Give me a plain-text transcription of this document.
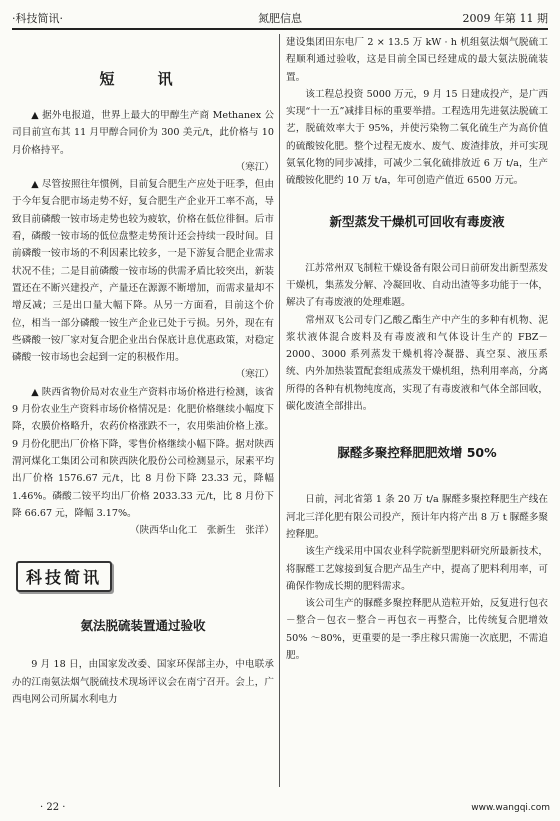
·科技简讯·	氮肥信息	2009 年第 11 期
短　讯

▲ 据外电报道，世界上最大的甲醇生产商 Methanex 公司目前宣布其 11 月甲醇合同价为 300 美元/t，此价格与 10 月价格持平。

（寒江）

▲ 尽管按照往年惯例，目前复合肥生产应处于旺季，但由于今年复合肥市场走势不好，复合肥生产企业开工率不高，导致目前磷酸一铵市场走势也较为疲软，价格在低位徘徊。后市看，磷酸一铵市场的低位盘整走势预计还会持续一段时间。目前磷酸一铵市场的不利因素比较多，一是下游复合肥企业需求状况不佳；二是目前磷酸一铵市场的供需矛盾比较突出，新装置还在不断兴建投产，产量还在源源不断增加，而需求量却不增反减；三是出口量大幅下降。从另一方面看，目前这个价位，相当一部分磷酸一铵生产企业已处于亏损。另外，现在有些磷酸一铵厂家对复合肥企业出台保底计息优惠政策，对稳定磷酸一铵市场也会起到一定的积极作用。

（寒江）

▲ 陕西省物价局对农业生产资料市场价格进行检测，该省 9 月份农业生产资料市场价格情况是：化肥价格继续小幅度下降，农膜价格略升，农药价格涨跌不一，农用柴油价格上涨。9 月份化肥出厂价格下降，零售价格继续小幅下降。据对陕西渭河煤化工集团公司和陕西陕化股份公司检测显示，尿素平均出厂价格 1576.67 元/t，比 8 月份下降 23.33 元，降幅 1.46%。磷酸二铵平均出厂价格 2033.33 元/t，比 8 月份下降 66.67 元，降幅 3.17%。

（陕西华山化工　张新生　张洋）

科技简讯
氨法脱硫装置通过验收

9 月 18 日，由国家发改委、国家环保部主办，中电联承办的江南氨法烟气脱硫技术现场评议会在南宁召开。会上，广西电网公司所属水利电力

建设集团田东电厂 2 × 13.5 万 kW · h 机组氨法烟气脱硫工程顺利通过验收，这是目前全国已经建成的最大氨法脱硫装置。

该工程总投资 5000 万元，9 月 15 日建成投产，是广西实现“十一五”减排目标的重要举措。工程选用先进氨法脱硫工艺，脱硫效率大于 95%，并使污染物二氧化硫生产为高价值的硫酸铵化肥。整个过程无废水、废气、废渣排放，并可实现氨氧化物的同步减排，可减少二氧化硫排放近 6 万 t/a，生产硫酸铵化肥约 10 万 t/a，年可创造产值近 6500 万元。

新型蒸发干燥机可回收有毒废液

江苏常州双飞制粒干燥设备有限公司日前研发出新型蒸发干燥机，集蒸发分解、冷凝回收、自动出渣等多功能于一体，解决了有毒废液的处理难题。

常州双飞公司专门乙酸乙酯生产中产生的多种有机物、泥浆状液体混合废料及有毒废液和气体设计生产的 FBZ－2000、3000 系列蒸发干燥机将冷凝器、真空泵、液压系统、内外加热装置配套组成蒸发干燥机组，热利用率高，分离所得的各种有机物纯度高，实现了有毒废液和气体全部回收，碳化废渣全部排出。

脲醛多聚控释肥肥效增 50%

日前，河北省第 1 条 20 万 t/a 脲醛多聚控释肥生产线在河北三洋化肥有限公司投产，预计年内将产出 8 万 t 脲醛多聚控释肥。

该生产线采用中国农业科学院新型肥料研究所最新技术，将脲醛工艺嫁接到复合肥产品生产中，提高了肥料利用率，可确保作物成长期的肥料需求。

该公司生产的脲醛多聚控释肥从造粒开始，反复进行包衣－整合－包衣－整合－再包衣－再整合，比传统复合肥增效 50% ～80%，更重要的是一季庄稼只需施一次底肥，不需追肥。

· 22 ·	www.wangqi.com
